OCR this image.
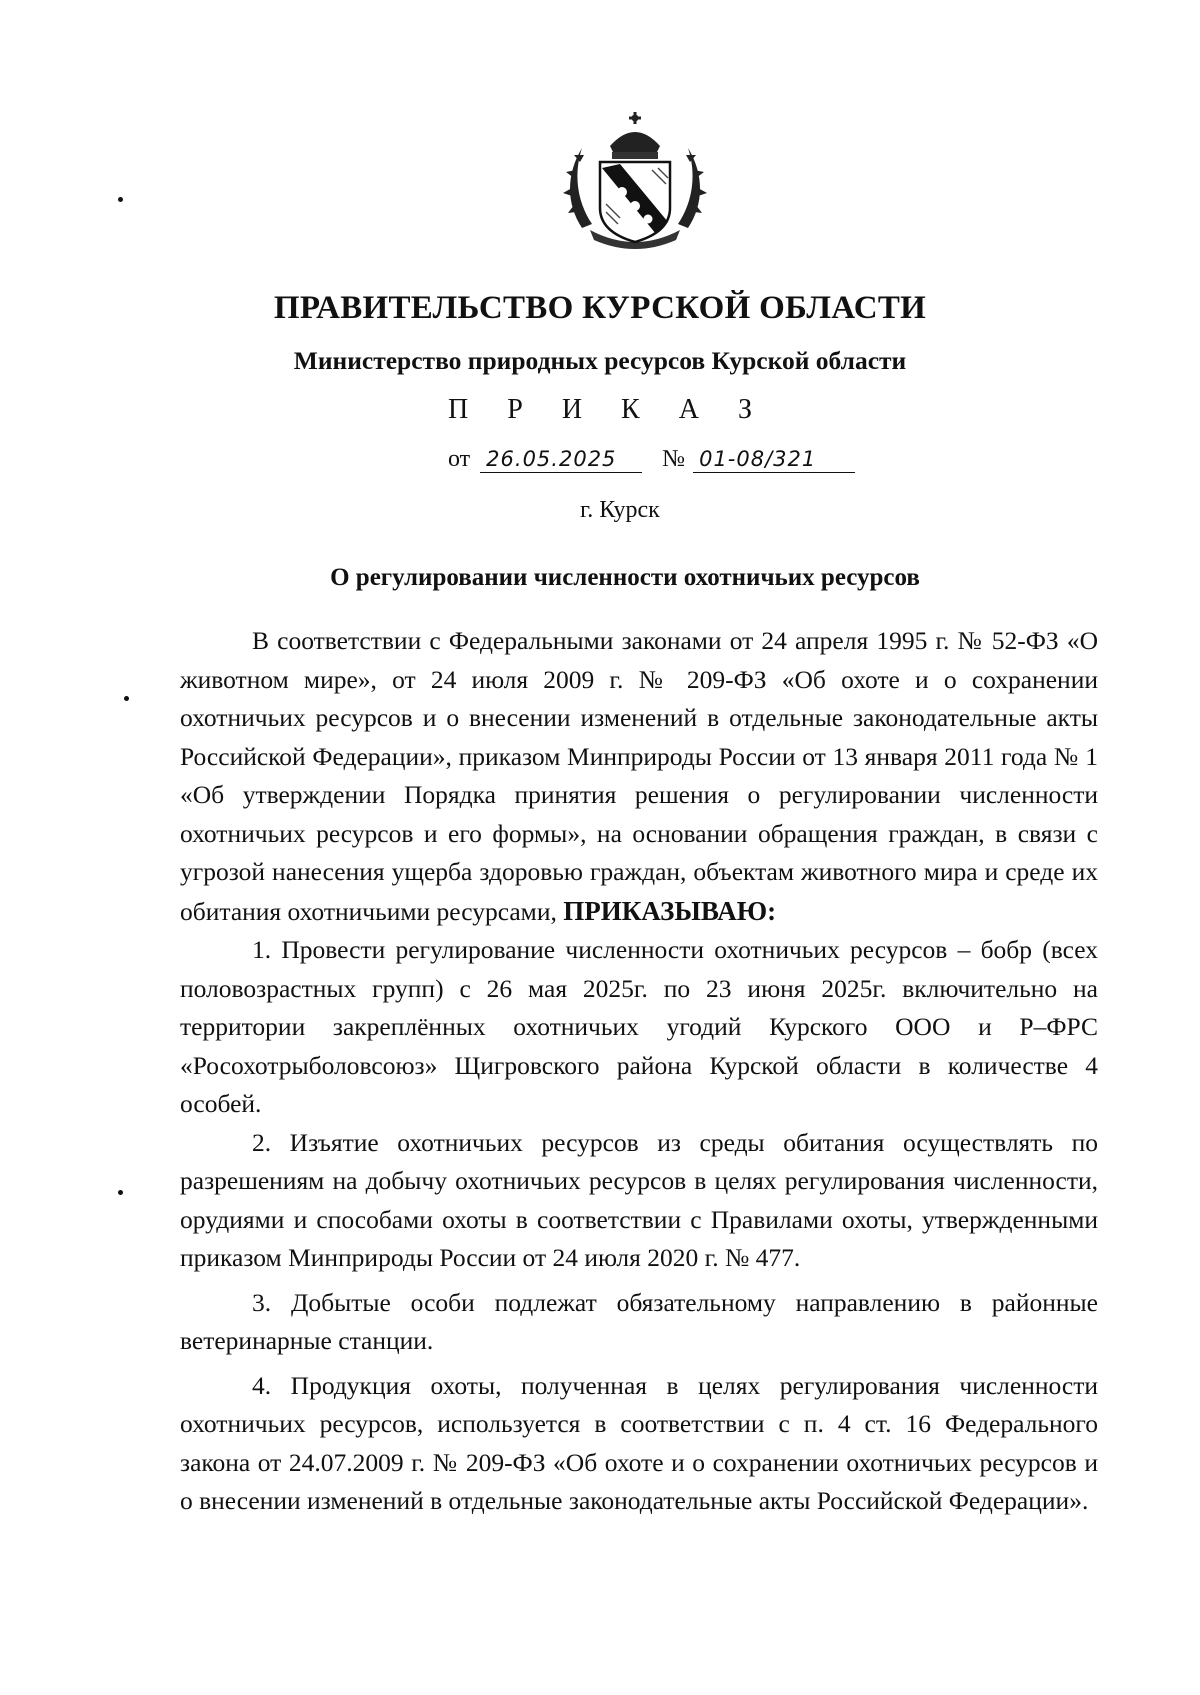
ПРАВИТЕЛЬСТВО КУРСКОЙ ОБЛАСТИ
Министерство природных ресурсов Курской области
П Р И К А З
от 26.05.2025 № 01-08/321
г. Курск
О регулировании численности охотничьих ресурсов

В соответствии с Федеральными законами от 24 апреля 1995 г. № 52-ФЗ «О животном мире», от 24 июля 2009 г. № 209-ФЗ «Об охоте и о сохранении охотничьих ресурсов и о внесении изменений в отдельные законодательные акты Российской Федерации», приказом Минприроды России от 13 января 2011 года № 1 «Об утверждении Порядка принятия решения о регулировании численности охотничьих ресурсов и его формы», на основании обращения граждан, в связи с угрозой нанесения ущерба здоровью граждан, объектам животного мира и среде их обитания охотничьими ресурсами, ПРИКАЗЫВАЮ:

1. Провести регулирование численности охотничьих ресурсов – бобр (всех половозрастных групп) с 26 мая 2025г. по 23 июня 2025г. включительно на территории закреплённых охотничьих угодий Курского ООО и Р–ФРС «Росохотрыболовсоюз» Щигровского района Курской области в количестве 4 особей.

2. Изъятие охотничьих ресурсов из среды обитания осуществлять по разрешениям на добычу охотничьих ресурсов в целях регулирования численности, орудиями и способами охоты в соответствии с Правилами охоты, утвержденными приказом Минприроды России от 24 июля 2020 г. № 477.

3. Добытые особи подлежат обязательному направлению в районные ветеринарные станции.

4. Продукция охоты, полученная в целях регулирования численности охотничьих ресурсов, используется в соответствии с п. 4 ст. 16 Федерального закона от 24.07.2009 г. № 209-ФЗ «Об охоте и о сохранении охотничьих ресурсов и о внесении изменений в отдельные законодательные акты Российской Федерации».
